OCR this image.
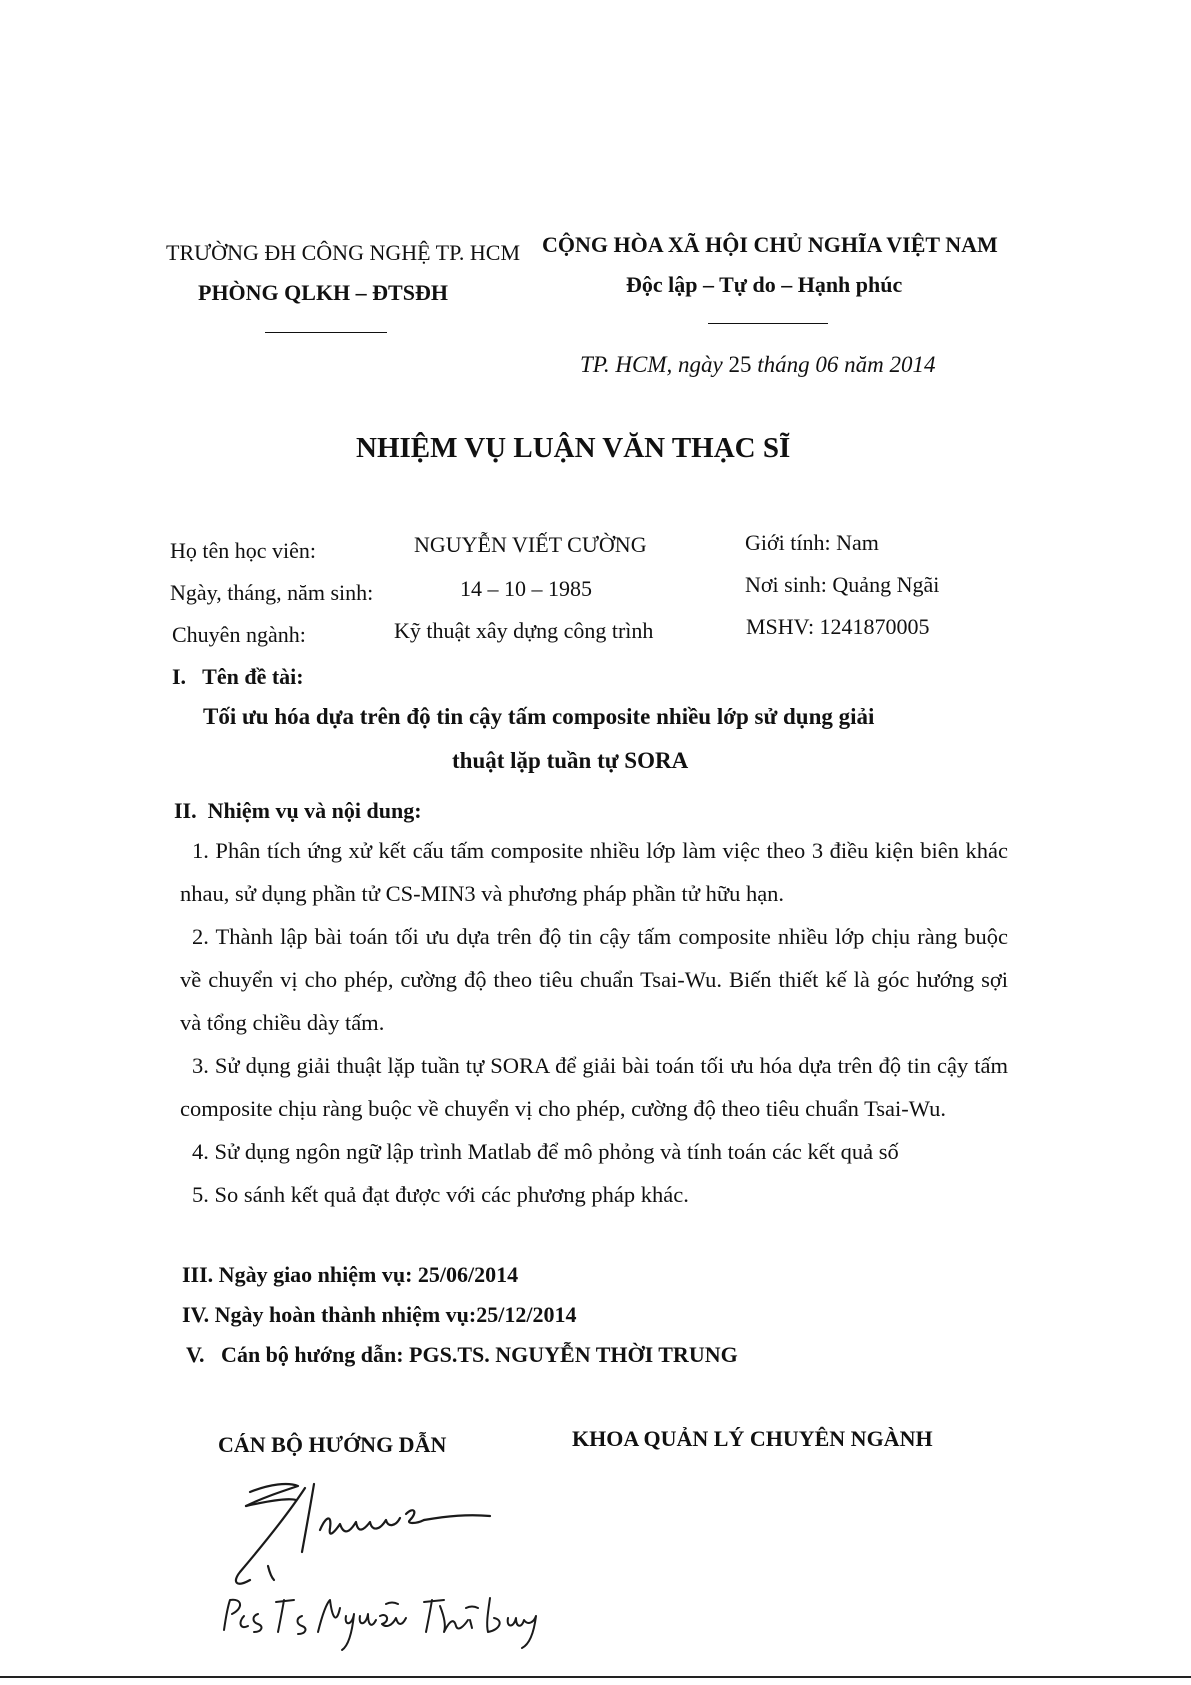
TRƯỜNG ĐH CÔNG NGHỆ TP. HCM
PHÒNG QLKH – ĐTSĐH
CỘNG HÒA XÃ HỘI CHỦ NGHĨA VIỆT NAM
Độc lập – Tự do – Hạnh phúc
TP. HCM, ngày 25 tháng 06 năm 2014
NHIỆM VỤ LUẬN VĂN THẠC SĨ
Họ tên học viên:	NGUYỄN VIẾT CƯỜNG	Giới tính: Nam
Ngày, tháng, năm sinh:	14 – 10 – 1985	Nơi sinh: Quảng Ngãi
Chuyên ngành:	Kỹ thuật xây dựng công trình	MSHV: 1241870005
I.   Tên đề tài:
Tối ưu hóa dựa trên độ tin cậy tấm composite nhiều lớp sử dụng giải
thuật lặp tuần tự SORA
II.  Nhiệm vụ và nội dung:

1. Phân tích ứng xử kết cấu tấm composite nhiều lớp làm việc theo 3 điều kiện biên khác nhau, sử dụng phần tử CS-MIN3 và phương pháp phần tử hữu hạn.

2. Thành lập bài toán tối ưu dựa trên độ tin cậy tấm composite nhiều lớp chịu ràng buộc về chuyển vị cho phép, cường độ theo tiêu chuẩn Tsai-Wu. Biến thiết kế là góc hướng sợi và tổng chiều dày tấm.

3. Sử dụng giải thuật lặp tuần tự SORA để giải bài toán tối ưu hóa dựa trên độ tin cậy tấm composite chịu ràng buộc về chuyển vị cho phép, cường độ theo tiêu chuẩn Tsai-Wu.

4. Sử dụng ngôn ngữ lập trình Matlab để mô phỏng và tính toán các kết quả số

5. So sánh kết quả đạt được với các phương pháp khác.

III. Ngày giao nhiệm vụ: 25/06/2014
IV. Ngày hoàn thành nhiệm vụ:25/12/2014
V.   Cán bộ hướng dẫn: PGS.TS. NGUYỄN THỜI TRUNG
CÁN BỘ HƯỚNG DẪN	KHOA QUẢN LÝ CHUYÊN NGÀNH
